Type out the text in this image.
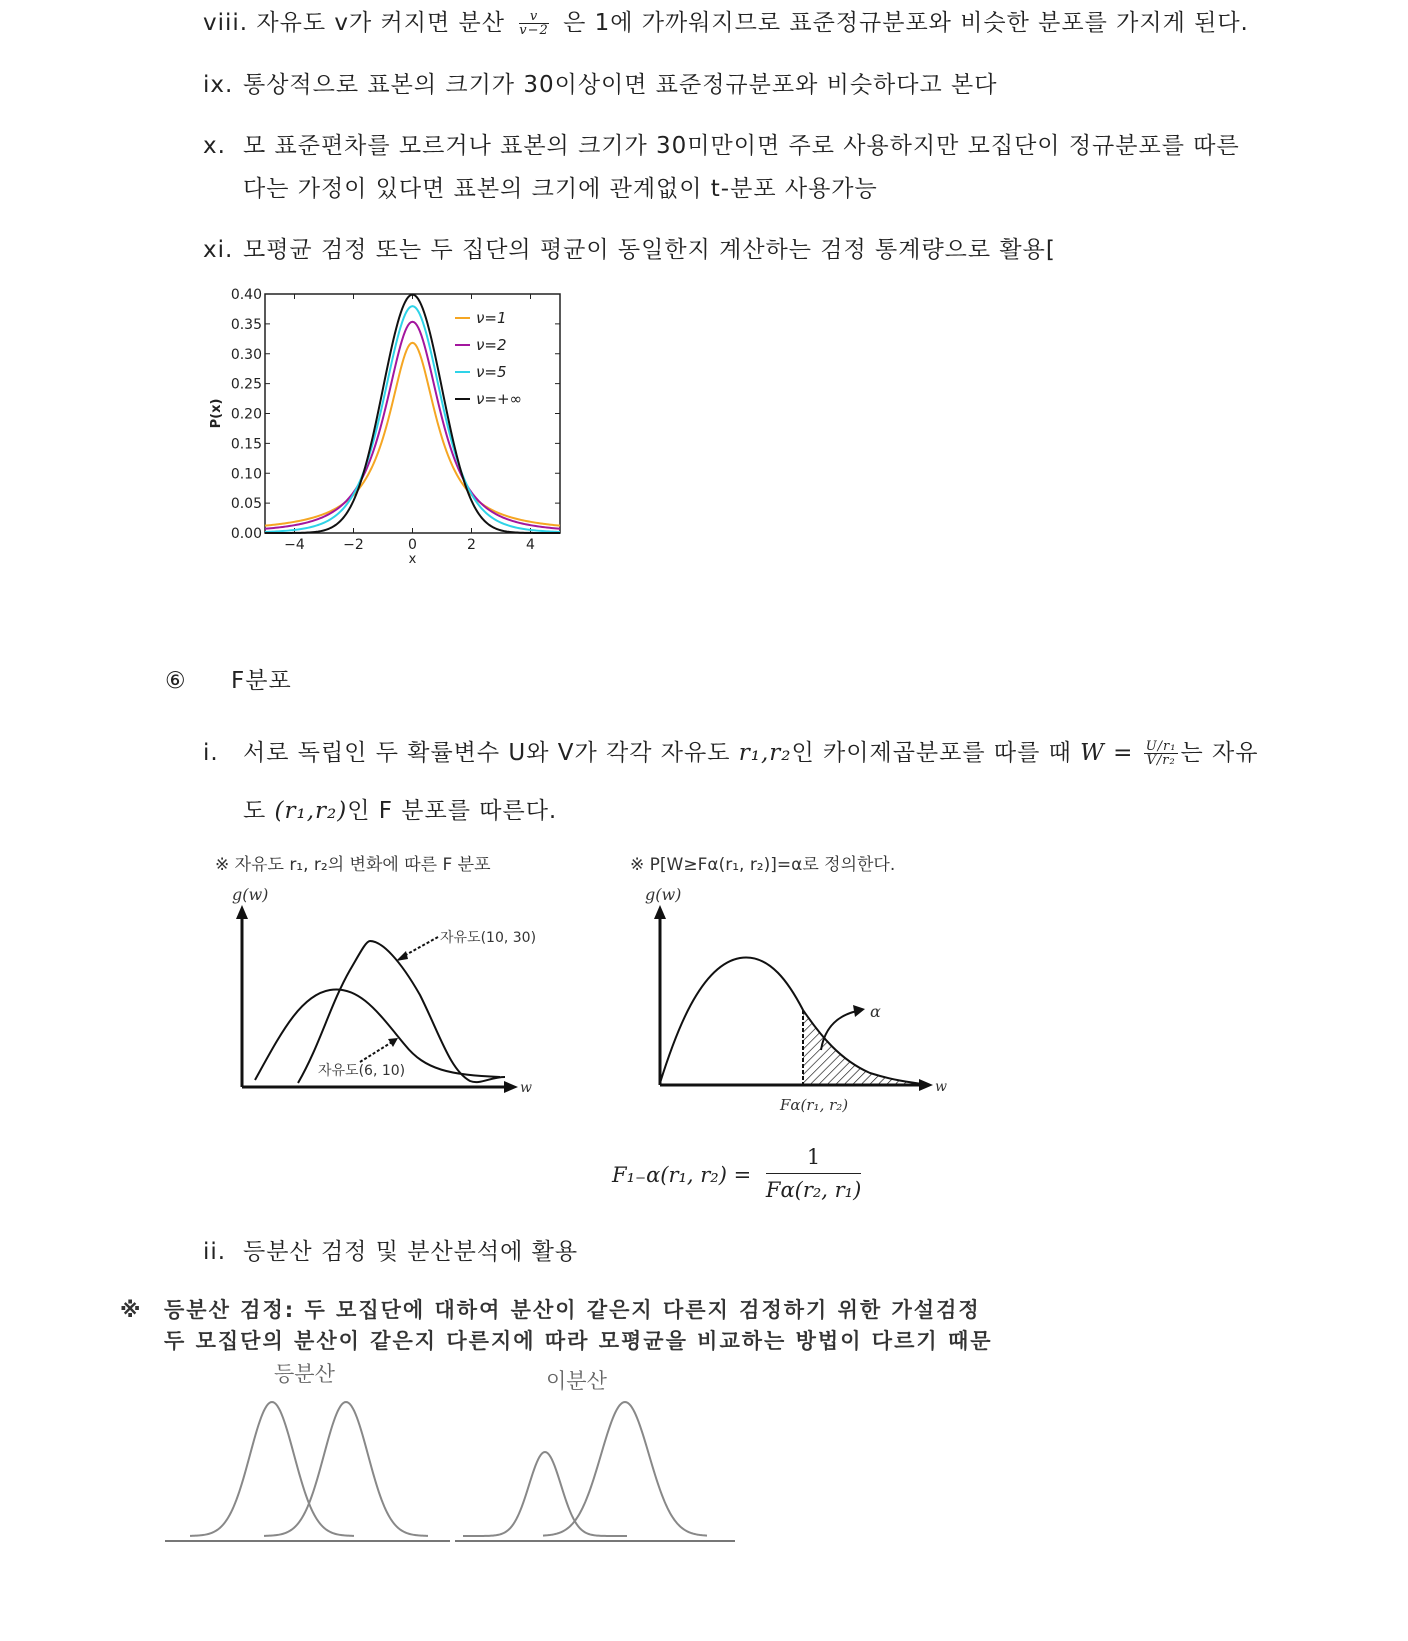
viii. 자유도 v가 커지면 분산 $\frac{v}{v-2}$ 은 1에 가까워지므로 표준정규분포와 비슷한 분포를 가지게 된다.
ix. 통상적으로 표본의 크기가 30이상이면 표준정규분포와 비슷하다고 본다
x. 모 표준편차를 모르거나 표본의 크기가 30미만이면 주로 사용하지만 모집단이 정규분포를 따른
다는 가정이 있다면 표본의 크기에 관계없이 t-분포 사용가능
xi. 모평균 검정 또는 두 집단의 평균이 동일한지 계산하는 검정 통계량으로 활용[
0.00
0.05
0.10
0.15
0.20
0.25
0.30
0.35
0.40
−4	−2	0	2	4
x
P(x)
ν=1
ν=2
ν=5
ν=+∞
⑥ F분포
i. 서로 독립인 두 확률변수 U와 V가 각각 자유도 r₁,r₂인 카이제곱분포를 따를 때 $W = \frac{\text{U/r₁}}{\text{V/r₂}}$ 는 자유
도 (r₁,r₂)인 F 분포를 따른다.
※ 자유도 r₁, r₂의 변화에 따른 F 분포
g(w)
w
자유도(10, 30)
자유도(6, 10)
※ P[W≥Fα(r₁, r₂)]=α로 정의한다.
g(w)
w
α
Fα(r₁, r₂)
F₁₋α(r₁, $r_2) = \frac{1}{\text{Fα(r₂, r₁)}}$
ii. 등분산 검정 및 분산분석에 활용
※ 등분산 검정: 두 모집단에 대하여 분산이 같은지 다른지 검정하기 위한 가설검정
두 모집단의 분산이 같은지 다른지에 따라 모평균을 비교하는 방법이 다르기 때문
등분산	이분산
